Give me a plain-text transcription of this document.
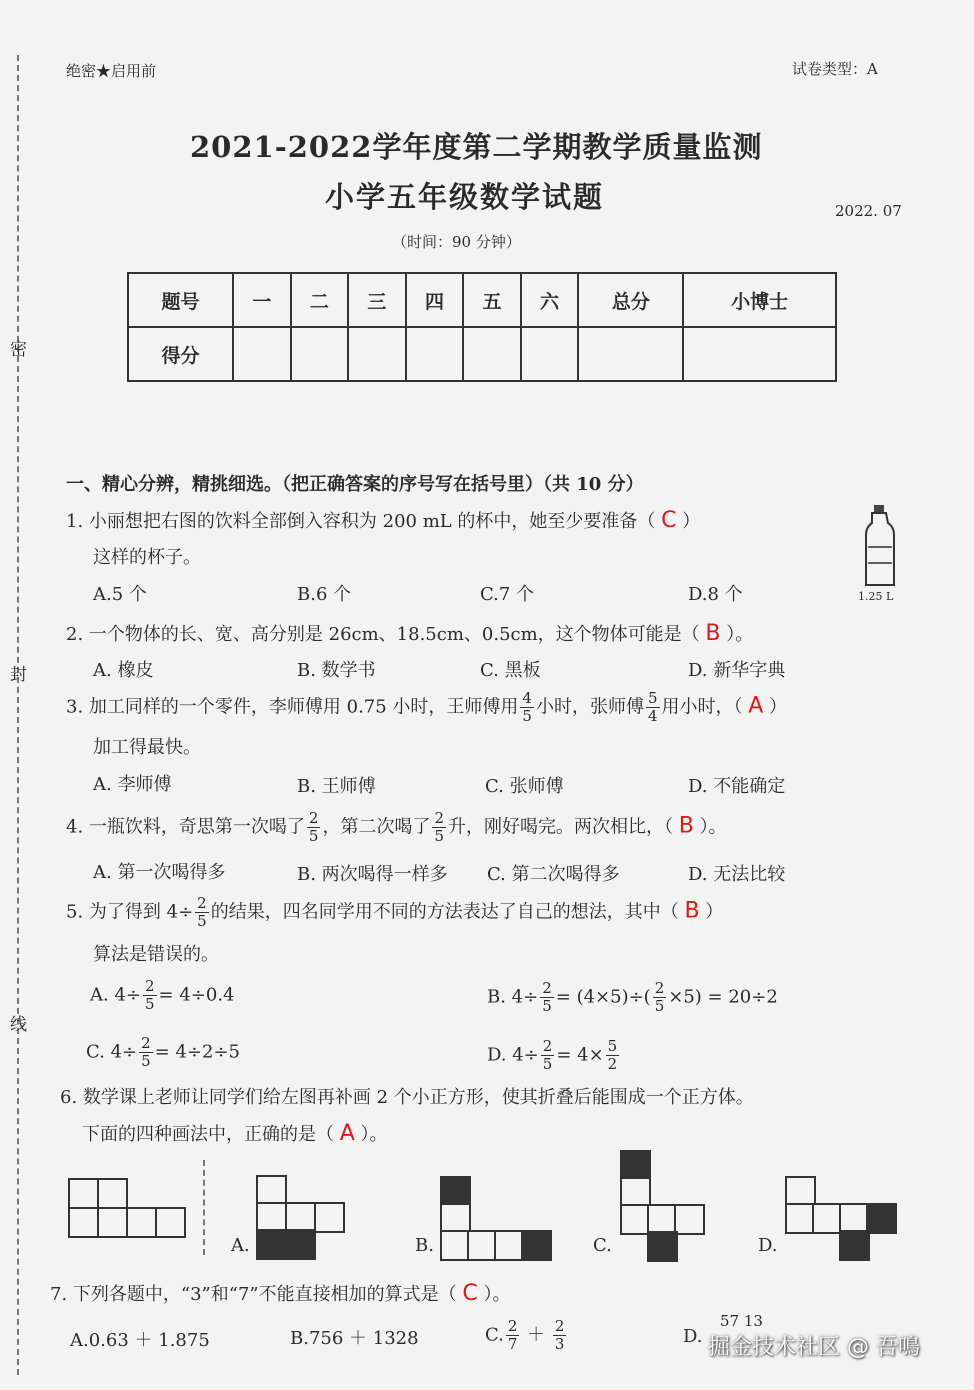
密
封
线
绝密★启用前	试卷类型：A
2021-2022学年度第二学期教学质量监测
小学五年级数学试题	2022. 07
（时间：90 分钟）
题号	一	二	三	四	五	六	总分	小博士
得分								
一、精心分辨，精挑细选。（把正确答案的序号写在括号里）（共 10 分）
1. 小丽想把右图的饮料全部倒入容积为 200 mL 的杯中，她至少要准备（ C ）
这样的杯子。
A.5 个	B.6 个	C.7 个	D.8 个	1.25 L
2. 一个物体的长、宽、高分别是 26cm、18.5cm、0.5cm，这个物体可能是（ B ）。
A. 橡皮	B. 数学书	C. 黑板	D. 新华字典
3. 加工同样的一个零件，李师傅用 0.75 小时，王师傅用 $\frac{4}{5}$ 小时，张师傅 $\frac{5}{4}$ 用小时，（ A ）
加工得最快。
A. 李师傅	B. 王师傅	C. 张师傅	D. 不能确定
4. 一瓶饮料，奇思第一次喝了 $\frac{2}{5}$ ，第二次喝了 $\frac{2}{5}$ 升，刚好喝完。两次相比，（ B ）。
A. 第一次喝得多	B. 两次喝得一样多 C. 第二次喝得多	D. 无法比较
5. 为了得到 $4\div \frac{2}{5}$ 的结果，四名同学用不同的方法表达了自己的想法，其中（ B ）
算法是错误的。
A. $4\div \frac{2}{5} = 4\div 0.4$	B. $4\div \frac{2}{5} = (4\times 5)\div( \frac{2}{5} \times 5) = 20\div 2$
C. $4\div \frac{2}{5} = 4\div 2\div 5$	D. $4\div \frac{2}{5} = 4\times \frac{5}{2}$
6. 数学课上老师让同学们给左图再补画 2 个小正方形，使其折叠后能围成一个正方体。
下面的四种画法中，正确的是（ A ）。
A.	B.	C.	D.
7. 下列各题中，“3”和“7”不能直接相加的算式是（ C ）。
A.0.63 ＋ 1.875	B.756 ＋ 1328	C. $\frac{2}{7} + \frac{2}{3}$	D.
57 13
掘金技术社区 @ 吾鳴
